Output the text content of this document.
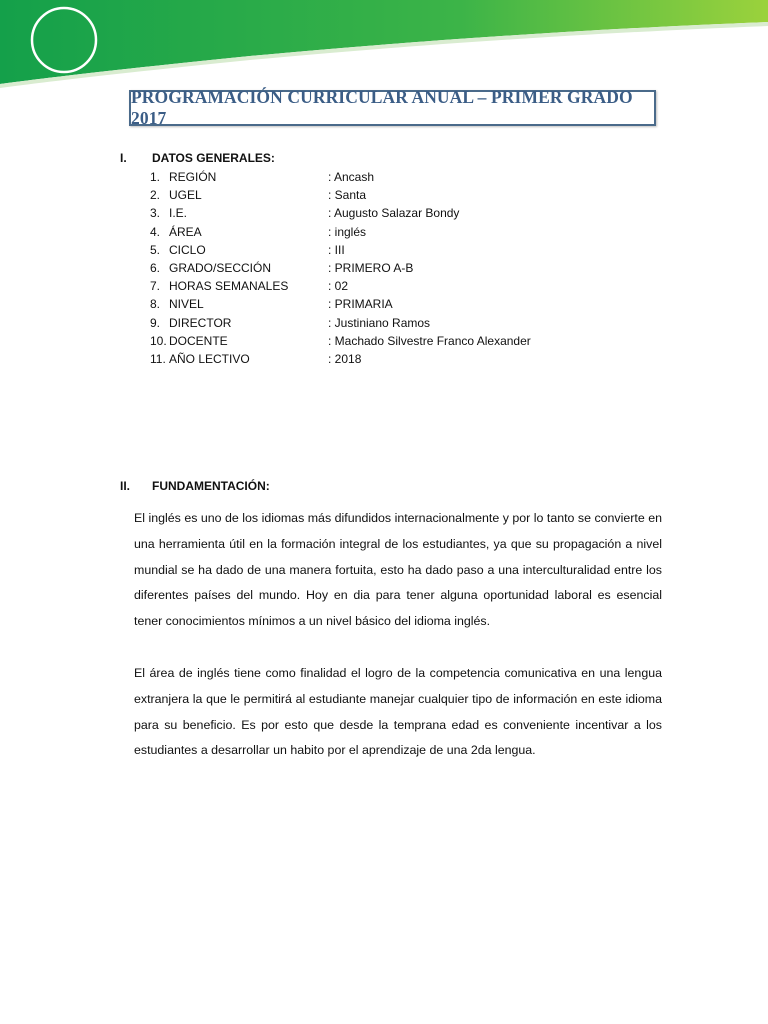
PROGRAMACIÓN CURRICULAR ANUAL – PRIMER GRADO 2017
I. DATOS GENERALES:
1. REGIÓN	: Ancash
2. UGEL	: Santa
3. I.E.	: Augusto Salazar Bondy
4. ÁREA	: inglés
5. CICLO	: III
6. GRADO/SECCIÓN	: PRIMERO A-B
7. HORAS SEMANALES	: 02
8. NIVEL	: PRIMARIA
9. DIRECTOR	: Justiniano Ramos
10. DOCENTE	: Machado Silvestre Franco Alexander
11. AÑO LECTIVO	: 2018
II. FUNDAMENTACIÓN:

El inglés es uno de los idiomas más difundidos internacionalmente y por lo tanto se convierte en una herramienta útil en la formación integral de los estudiantes, ya que su propagación a nivel mundial se ha dado de una manera fortuita, esto ha dado paso a una interculturalidad entre los diferentes países del mundo. Hoy en dia para tener alguna oportunidad laboral es esencial tener conocimientos mínimos a un nivel básico del idioma inglés.

El área de inglés tiene como finalidad el logro de la competencia comunicativa en una lengua extranjera la que le permitirá al estudiante manejar cualquier tipo de información en este idioma para su beneficio. Es por esto que desde la temprana edad es conveniente incentivar a los estudiantes a desarrollar un habito por el aprendizaje de una 2da lengua.
